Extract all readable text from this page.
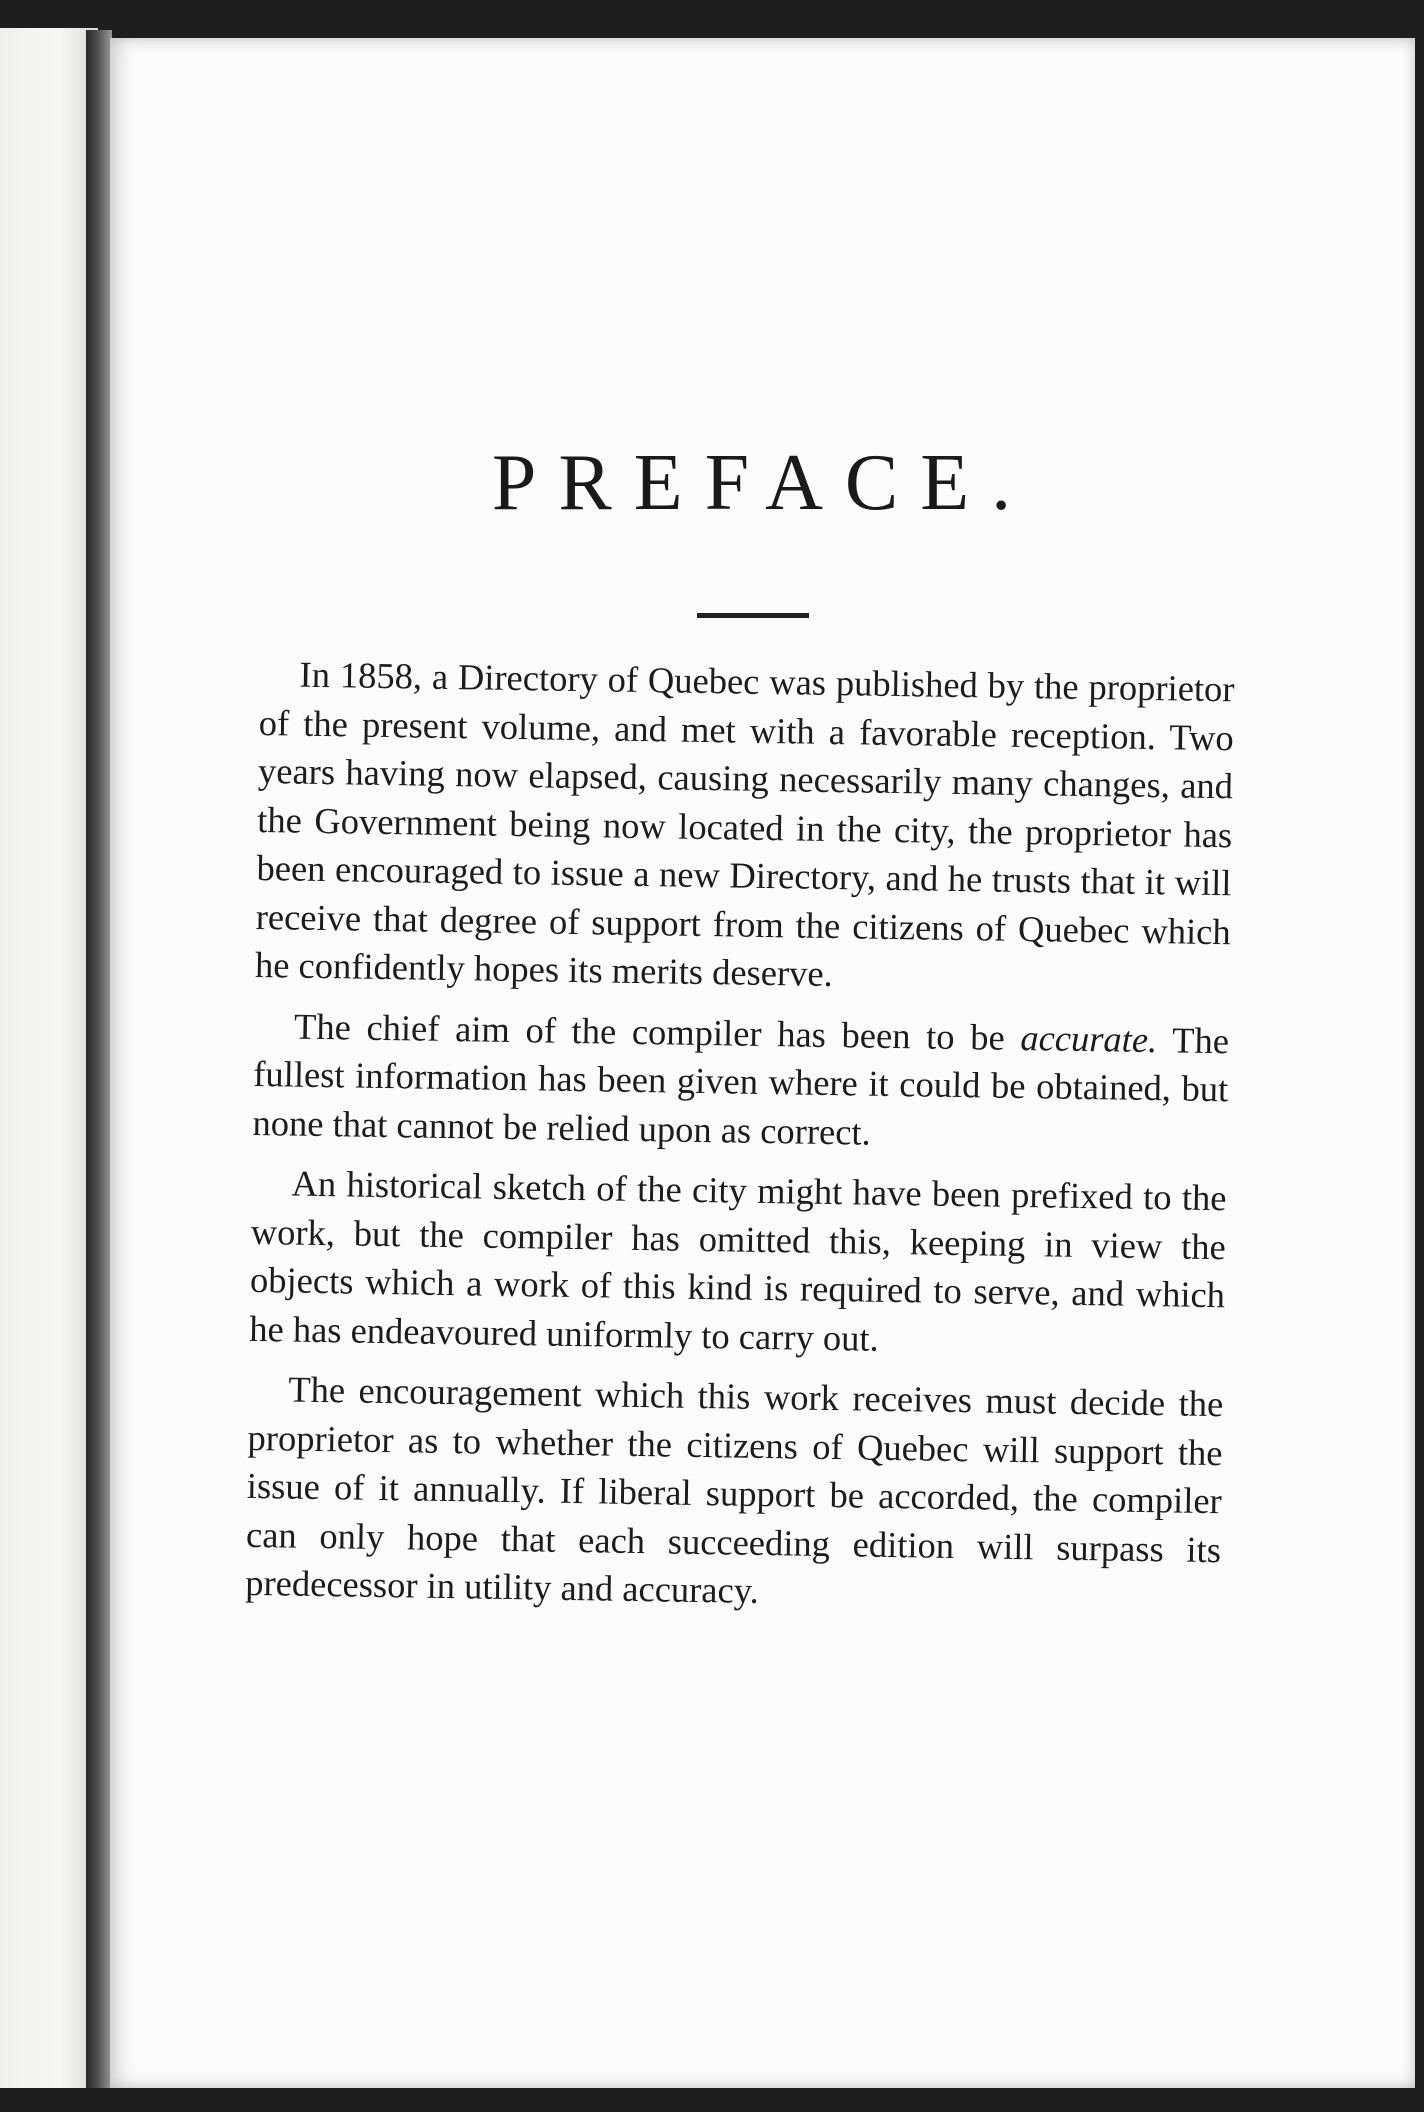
PREFACE.

In 1858, a Directory of Quebec was published by the proprietor of the present volume, and met with a favorable reception. Two years having now elapsed, causing necessarily many changes, and the Government being now located in the city, the proprietor has been encouraged to issue a new Directory, and he trusts that it will receive that degree of support from the citizens of Quebec which he confidently hopes its merits deserve.

The chief aim of the compiler has been to be accurate. The fullest information has been given where it could be obtained, but none that cannot be relied upon as correct.

An historical sketch of the city might have been prefixed to the work, but the compiler has omitted this, keeping in view the objects which a work of this kind is required to serve, and which he has endeavoured uniformly to carry out.

The encouragement which this work receives must decide the proprietor as to whether the citizens of Quebec will support the issue of it annually. If liberal support be accorded, the compiler can only hope that each succeeding edition will surpass its predecessor in utility and accuracy.
